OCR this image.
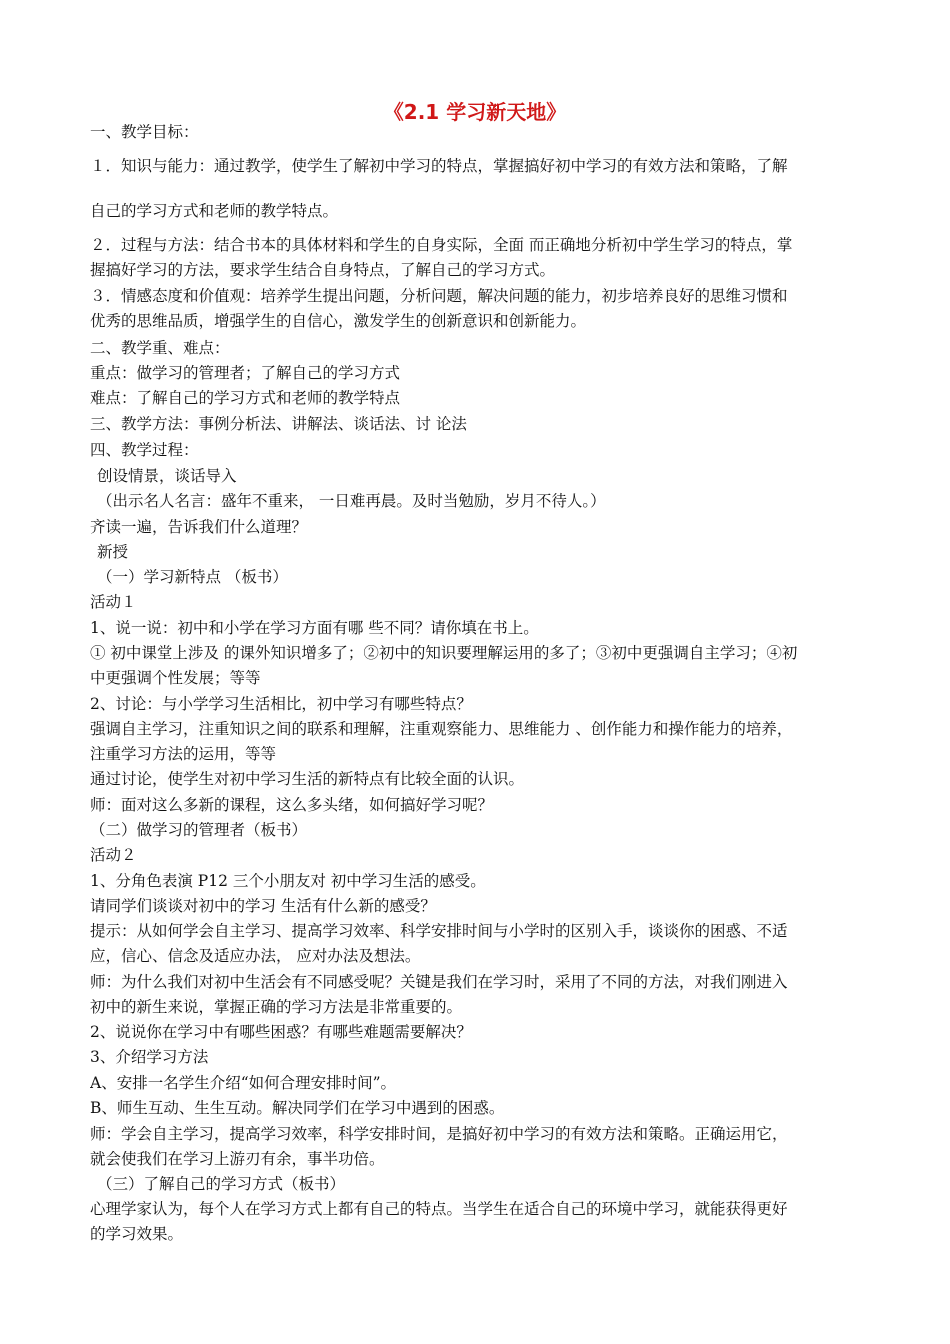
《2.1 学习新天地》
一、教学目标：
１．知识与能力：通过教学，使学生了解初中学习的特点，掌握搞好初中学习的有效方法和策略，了解
自己的学习方式和老师的教学特点。
２．过程与方法：结合书本的具体材料和学生的自身实际，全面 而正确地分析初中学生学习的特点，掌
握搞好学习的方法，要求学生结合自身特点，了解自己的学习方式。
３．情感态度和价值观：培养学生提出问题，分析问题，解决问题的能力，初步培养良好的思维习惯和
优秀的思维品质，增强学生的自信心，激发学生的创新意识和创新能力。
二、教学重、难点：
重点：做学习的管理者；了解自己的学习方式
难点：了解自己的学习方式和老师的教学特点
三、教学方法：事例分析法、讲解法、谈话法、讨 论法
四、教学过程：
创设情景，谈话导入
（出示名人名言：盛年不重来， 一日难再晨。及时当勉励，岁月不待人。）
齐读一遍，告诉我们什么道理？
新授
（一）学习新特点 （板书）
活动１
1、说一说：初中和小学在学习方面有哪 些不同？请你填在书上。
① 初中课堂上涉及 的课外知识增多了；②初中的知识要理解运用的多了；③初中更强调自主学习；④初
中更强调个性发展；等等
2、讨论：与小学学习生活相比，初中学习有哪些特点？
强调自主学习，注重知识之间的联系和理解，注重观察能力、思维能力 、创作能力和操作能力的培养，
注重学习方法的运用，等等
通过讨论，使学生对初中学习生活的新特点有比较全面的认识。
师：面对这么多新的课程，这么多头绪，如何搞好学习呢？
（二）做学习的管理者（板书）
活动２
1、分角色表演 P12 三个小朋友对 初中学习生活的感受。
请同学们谈谈对初中的学习 生活有什么新的感受？
提示：从如何学会自主学习、提高学习效率、科学安排时间与小学时的区别入手，谈谈你的困惑、不适
应，信心、信念及适应办法， 应对办法及想法。
师：为什么我们对初中生活会有不同感受呢？关键是我们在学习时，采用了不同的方法，对我们刚进入
初中的新生来说，掌握正确的学习方法是非常重要的。
2、说说你在学习中有哪些困惑？有哪些难题需要解决？
3、介绍学习方法
A、安排一名学生介绍“如何合理安排时间”。
B、师生互动、生生互动。解决同学们在学习中遇到的困惑。
师：学会自主学习，提高学习效率，科学安排时间，是搞好初中学习的有效方法和策略。正确运用它，
就会使我们在学习上游刃有余，事半功倍。
（三）了解自己的学习方式（板书）
心理学家认为，每个人在学习方式上都有自己的特点。当学生在适合自己的环境中学习，就能获得更好
的学习效果。
